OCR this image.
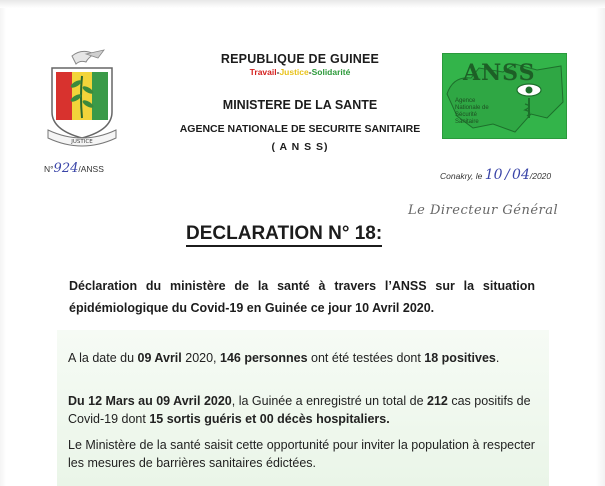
JUSTICE
REPUBLIQUE DE GUINEE
Travail-Justice-Solidarité
MINISTERE DE LA SANTE
AGENCE NATIONALE DE SECURITE SANITAIRE
( A N S S)
ANSS
Agence
Nationale de
Sécurité
Sanitaire
N°924/ANSS
Conakry, le 10 / 04/2020
Le Directeur Général
DECLARATION N° 18:
Déclaration du ministère de la santé à travers l’ANSS sur la situation épidémiologique du Covid-19 en Guinée ce jour 10 Avril 2020.
A la date du 09 Avril 2020, 146 personnes ont été testées dont 18 positives.
Du 12 Mars au 09 Avril 2020, la Guinée a enregistré un total de 212 cas positifs de Covid-19 dont 15 sortis guéris et 00 décès hospitaliers.
Le Ministère de la santé saisit cette opportunité pour inviter la population à respecter les mesures de barrières sanitaires édictées.
